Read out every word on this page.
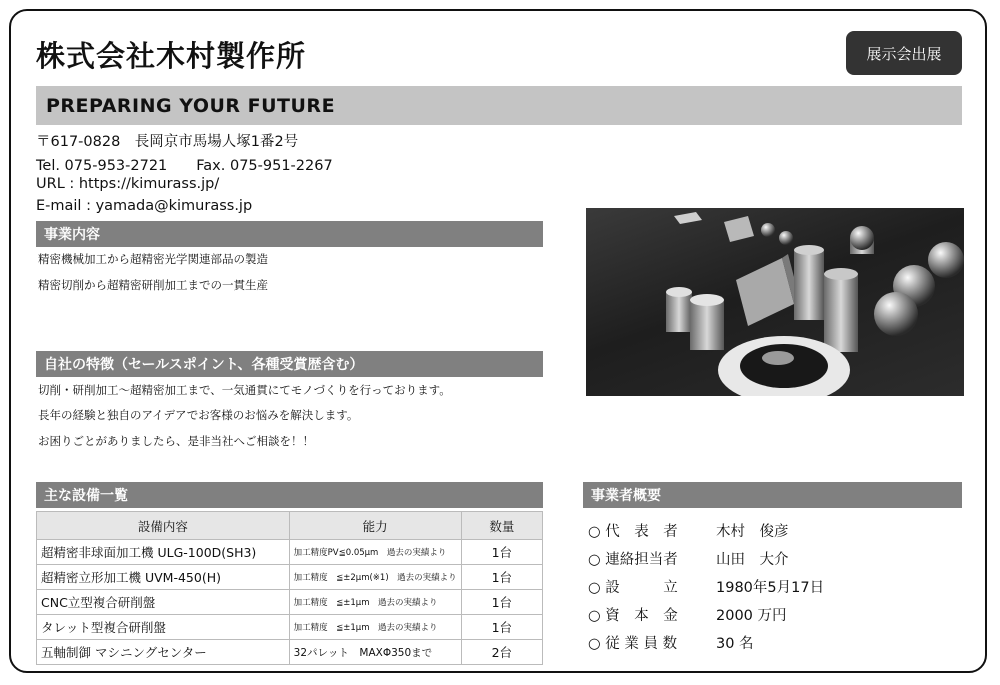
株式会社木村製作所	展示会出展
PREPARING YOUR FUTURE
〒617-0828　長岡京市馬場人塚1番2号
Tel. 075-953-2721　　Fax. 075-951-2267
URL : https://kimurass.jp/
E-mail : yamada@kimurass.jp
事業内容
精密機械加工から超精密光学関連部品の製造
精密切削から超精密研削加工までの一貫生産
自社の特徴（セールスポイント、各種受賞歴含む）
切削・研削加工～超精密加工まで、一気通貫にてモノづくりを行っております。
長年の経験と独自のアイデアでお客様のお悩みを解決します。
お困りごとがありましたら、是非当社へご相談を！！
主な設備一覧
設備内容	能力	数量
超精密非球面加工機 ULG-100D(SH3)	加工精度PV≦0.05μm　過去の実績より	1台
超精密立形加工機 UVM-450(H)	加工精度　≦±2μm(※1)　過去の実績より	1台
CNC立型複合研削盤	加工精度　≦±1μm　過去の実績より	1台
タレット型複合研削盤	加工精度　≦±1μm　過去の実績より	1台
五軸制御 マシニングセンター	32パレット　MAXΦ350まで	2台
事業者概要
○ 代　表　者	木村　俊彦
○ 連絡担当者	山田　大介
○ 設　　　立	1980年5月17日
○ 資　本　金	2000 万円
○ 従 業 員 数	30 名
